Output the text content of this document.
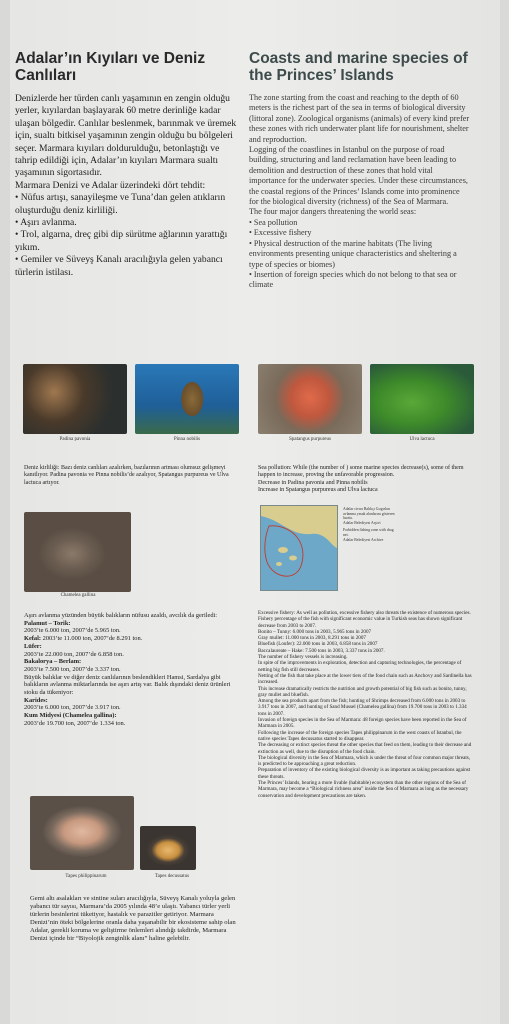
Adalar’ın Kıyıları ve Deniz Canlıları

Denizlerde her türden canlı yaşamının en zengin olduğu yerler, kıyılardan başlayarak 60 metre derinliğe kadar ulaşan bölgedir. Canlılar beslenmek, barınmak ve üremek için, sualtı bitkisel yaşamının zengin olduğu bu bölgeleri seçer. Marmara kıyıları doldurulduğu, betonlaştığı ve tahrip edildiği için, Adalar’ın kıyıları Marmara sualtı yaşamının sigortasıdır.

Marmara Denizi ve Adalar üzerindeki dört tehdit:

• Nüfus artışı, sanayileşme ve Tuna’dan gelen atıkların oluşturduğu deniz kirliliği.

• Aşırı avlanma.

• Trol, algarna, dreç gibi dip sürütme ağlarının yarattığı yıkım.

• Gemiler ve Süveyş Kanalı aracılığıyla gelen yabancı türlerin istilası.

Coasts and marine species of the Princes’ Islands

The zone starting from the coast and reaching to the depth of 60 meters is the richest part of the sea in terms of biological diversity (littoral zone). Zoological organisms (animals) of every kind prefer these zones with rich underwater plant life for nourishment, shelter and reproduction.

Logging of the coastlines in Istanbul on the purpose of road building, structuring and land reclamation have been leading to demolition and destruction of these zones that hold vital importance for the underwater species. Under these circumstances, the coastal regions of the Princes’ Islands come into prominence for the biological diversity (richness) of the Sea of Marmara.

The four major dangers threatening the world seas:

• Sea pollution

• Excessive fishery

• Physical destruction of the marine habitats (The living environments presenting unique characteristics and sheltering a type of species or biomes)

• Insertion of foreign species which do not belong to that sea or climate

Padina pavonia	Pinna nobilis	Spatangus purpureus	Ulva lactuca
Deniz kirliliği: Bazı deniz canlıları azalırken, bazılarının artması olumsuz gelişmeyi kanıtlıyor. Padina pavonia ve Pinna nobilis’de azalıyor, Spatangus purpureus ve Ulva lactuca artıyor.
Chamelea gallina

Sea pollution: While (the number of ) some marine species decrease(s), some of them happen to increase, proving the unfavorable progression.

Decrease in Padina pavonia and Pinna nobilis

Increase in Spatangus purpureus and Ulva lactuca

Adalar civarı Balıkçı Gırgırları avlanma yasak alanlarını gösteren harita.
Adalar Belediyesi Arşivi
Forbidden fishing zone with drag net.
Adalar Belediyesi Archive

Aşırı avlanma yüzünden büyük balıkların nüfusu azaldı, avcılık da geriledi:

Palamut – Torik:

2003’te 6.000 ton, 2007’de 5.965 ton.

Kefal: 2003’te 11.000 ton, 2007’de 8.291 ton.

Lüfer:

2003’te 22.000 ton, 2007’de 6.858 ton.

Bakalorya – Berlam:

2003’te 7.500 ton, 2007’de 3.337 ton.

Büyük balıklar ve diğer deniz canlılarının beslendikleri Hamsi, Sardalya gibi balıkların avlanma miktarlarında ise aşırı artış var. Balık dışındaki deniz ürünleri stoku da tükeniyor:

Karides:

2003’te 6.000 ton, 2007’de 3.917 ton.

Kum Midyesi (Chamelea gallina):

2003’de 19.700 ton, 2007’de 1.334 ton.

Excessive fishery: As well as pollution, excessive fishery also threats the existence of numerous species.

Fishery percentage of the fish with significant economic value in Turkish seas has shown significant decrease from 2003 to 2007.

Bonito – Tunny: 6.000 tons in 2003, 5.965 tons in 2007

Gray mullet: 11.000 tons in 2003, 8.291 tons in 2007

Bluefish (Loufer): 22.000 tons in 2003, 6.858 tons in 2007

Baccalaureate – Hake: 7.500 tons in 2003, 3.337 tons in 2007.

The number of fishery vessels is increasing.

In spite of the improvements in exploration, detection and capturing technologies, the percentage of netting big fish still decreases.

Netting of the fish that take place at the lower tiers of the food chain such as Anchovy and Sardinella has increased.

This increase dramatically restricts the nutrition and growth potential of big fish such as bonito, tunny, gray mullet and bluefish.

Among the sea products apart from the fish; hunting of Shrimps decreased from 6.000 tons in 2003 to 3.917 tons in 2007, and hunting of Sand Mussel (Chamelea gallina) from 19.700 tons in 2003 to 1.334 tons in 2007.

Invasion of foreign species in the Sea of Marmara: 48 foreign species have been reported in the Sea of Marmara in 2005.

Following the increase of the foreign species Tapes philippinarum in the west coasts of Istanbul, the native species Tapes decussatus started to disappear.

The decreasing or extinct species threat the other species that feed on them, leading to their decrease and extinction as well, due to the disruption of the food chain.

The biological diversity in the Sea of Marmara, which is under the threat of four common major threats, is predicted to be approaching a great reduction.

Preparation of inventory of the existing biological diversity is as important as taking precautions against these threats.

The Princes’ Islands, bearing a more livable (habitable) ecosystem than the other regions of the Sea of Marmara, may become a “Biological richness area” inside the Sea of Marmara as long as the necessary conservation and development precautions are taken.

Tapes philippinarum	Tapes decussatus
Gemi altı asalakları ve sintine suları aracılığıyla, Süveyş Kanalı yoluyla gelen yabancı tür sayısı, Marmara’da 2005 yılında 48’e ulaştı. Yabancı türler yerli türlerin besinlerini tüketiyor, hastalık ve parazitler getiriyor. Marmara Denizi’nin öteki bölgelerine oranla daha yaşanabilir bir ekosisteme sahip olan Adalar, gerekli koruma ve geliştirme önlemleri alındığı takdirde, Marmara Denizi içinde bir “Biyolojik zenginlik alanı” haline gelebilir.
